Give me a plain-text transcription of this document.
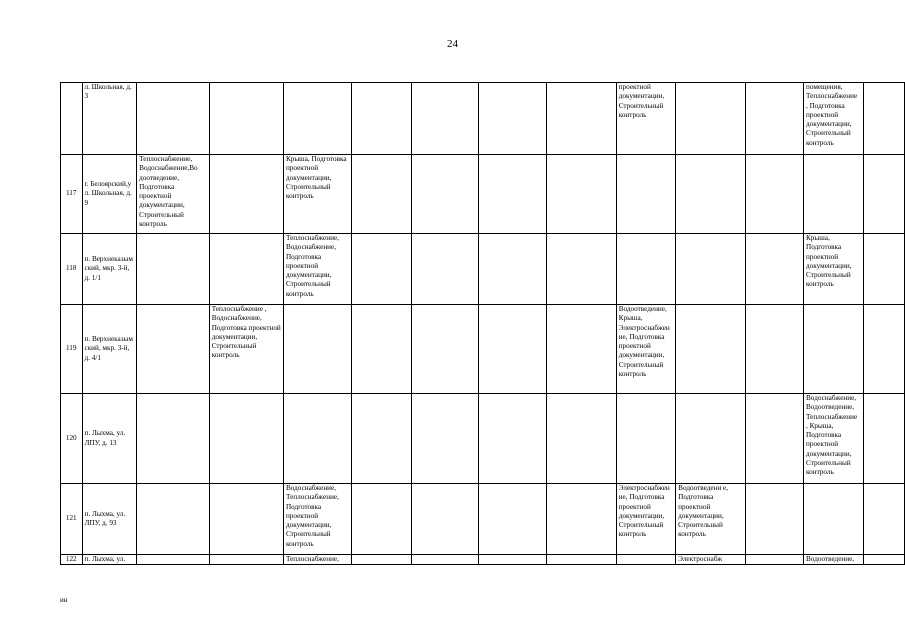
24
	л. Школьная, д. 3								проектной документации, Строительный контроль			помещения, Теплоснабжение , Подготовка проектной документации, Строительный контроль	
117	г. Белоярский,у л. Школьная, д. 9	Теплоснабжение, Водоснабжение,Во доотведение, Подготовка проектной документации, Строительный контроль		Крыша, Подготовка проектной документации, Строительный контроль									
118	п. Верхнеказым ский, мкр. 3-й, д. 1/1			Теплоснабжение, Водоснабжение, Подготовка проектной документации, Строительный контроль								Крыша, Подготовка проектной документации, Строительный контроль	
119	п. Верхнеказым ский, мкр. 3-й, д. 4/1		Теплоснабжение , Водоснабжение, Подготовка проектной документации, Строительный контроль						Водоотведение, Крыша, Электроснабжен ие, Подготовка проектной документации, Строительный контроль				
120	п. Лыхма, ул. ЛПУ, д. 13											Водоснабжение, Водоотведение, Теплоснабжение , Крыша, Подготовка проектной документации, Строительный контроль	
121	п. Лыхма, ул. ЛПУ, д. 93			Водоснабжение, Теплоснабжение, Подготовка проектной документации, Строительный контроль					Электроснабжен ие, Подготовка проектной документации, Строительный контроль	Водоотведени е, Подготовка проектной документации, Строительный контроль			
122	п. Лыхма, ул.			Теплоснабжение,						Электроснабж		Водоотведение,	
ин
